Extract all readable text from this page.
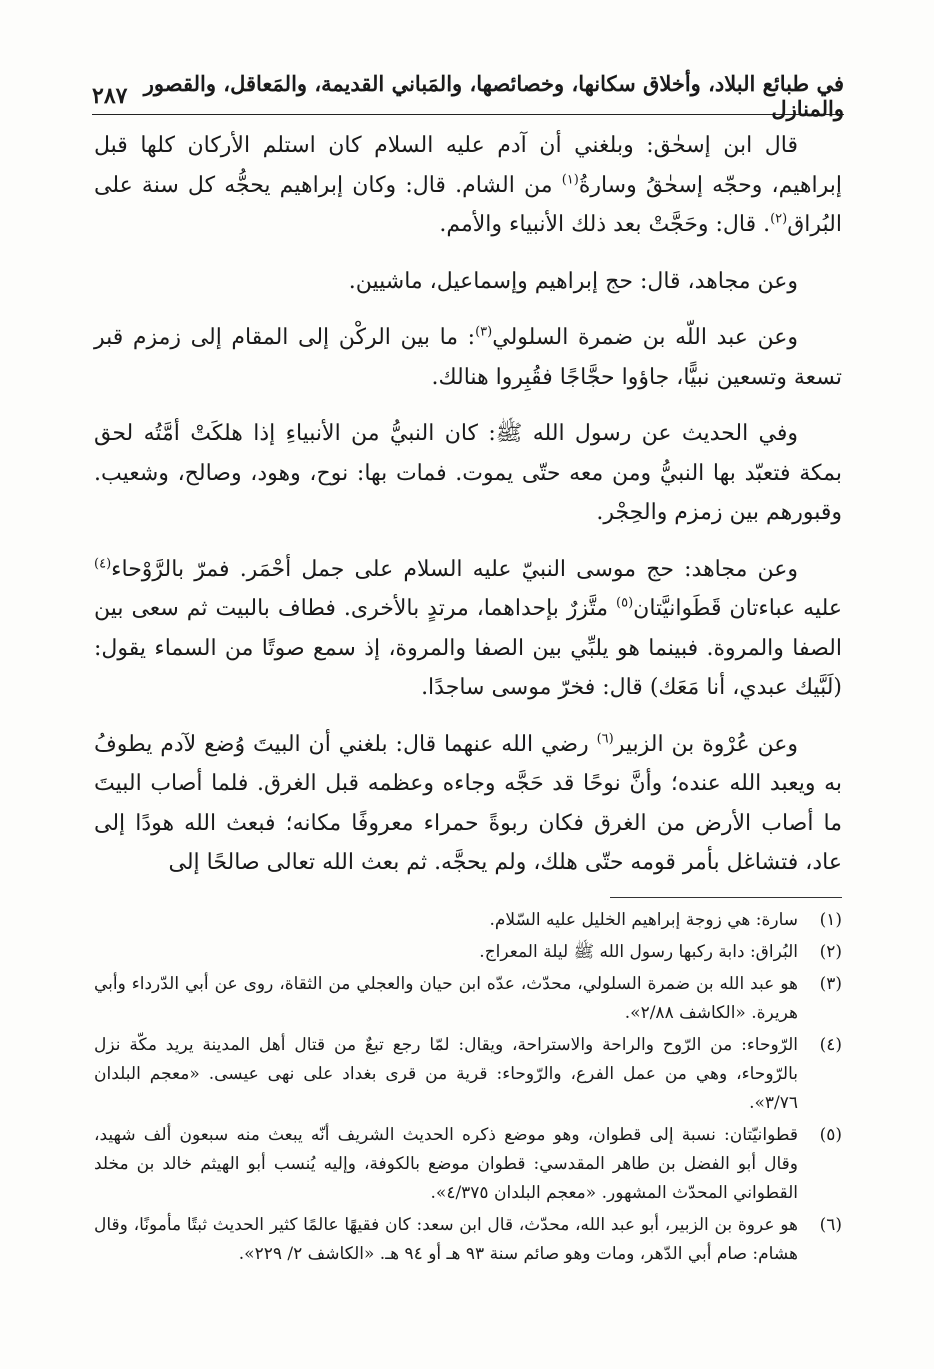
في طبائع البلاد، وأخلاق سكانها، وخصائصها، والمَباني القديمة، والمَعاقل، والقصور والمنازل
٢٨٧

قال ابن إسحٰق: وبلغني أن آدم عليه السلام كان استلم الأركان كلها قبل إبراهيم، وحجّه إسحٰقُ وسارةُ$^{(١)}$ من الشام. قال: وكان إبراهيم يحجُّه كل سنة على البُراق$^{(٢)}$. قال: وحَجَّتْ بعد ذلك الأنبياء والأمم.

وعن مجاهد، قال: حج إبراهيم وإسماعيل، ماشيين.

وعن عبد اللّه بن ضمرة السلولي$^{(٣)}$: ما بين الركْن إلى المقام إلى زمزم قبر تسعة وتسعين نبيًّا، جاؤوا حجَّاجًا فقُبِروا هنالك.

وفي الحديث عن رسول الله ﷺ: كان النبيُّ من الأنبياءِ إذا هلكَتْ أمَّتُه لحق بمكة فتعبّد بها النبيُّ ومن معه حتّى يموت. فمات بها: نوح، وهود، وصالح، وشعيب. وقبورهم بين زمزم والحِجْر.

وعن مجاهد: حج موسى النبيّ عليه السلام على جمل أحْمَر. فمرّ بالرَّوْحاء$^{(٤)}$ عليه عباءتان قَطَوانيَّتان$^{(٥)}$ متَّزرٌ بإحداهما، مرتدٍ بالأخرى. فطاف بالبيت ثم سعى بين الصفا والمروة. فبينما هو يلبِّي بين الصفا والمروة، إذ سمع صوتًا من السماء يقول: (لَبَّيك عبدي، أنا مَعَك) قال: فخرّ موسى ساجدًا.

وعن عُرْوة بن الزبير$^{(٦)}$ رضي الله عنهما قال: بلغني أن البيتَ وُضع لآدم يطوفُ به ويعبد الله عنده؛ وأنَّ نوحًا قد حَجَّه وجاءه وعظمه قبل الغرق. فلما أصاب البيتَ ما أصاب الأرض من الغرق فكان ربوةً حمراء معروفًا مكانه؛ فبعث الله هودًا إلى عاد، فتشاغل بأمر قومه حتّى هلك، ولم يحجَّه. ثم بعث الله تعالى صالحًا إلى

(١)
سارة: هي زوجة إبراهيم الخليل عليه السّلام.
(٢)
البُراق: دابة ركبها رسول الله ﷺ ليلة المعراج.
(٣)
هو عبد الله بن ضمرة السلولي، محدّث، عدّه ابن حيان والعجلي من الثقاة، روى عن أبي الدّرداء وأبي هريرة. «الكاشف ٢/٨٨».
(٤)
الرّوحاء: من الرّوح والراحة والاستراحة، ويقال: لمّا رجع تبعٌ من قتال أهل المدينة يريد مكّة نزل بالرّوحاء، وهي من عمل الفرع، والرّوحاء: قرية من قرى بغداد على نهى عيسى. «معجم البلدان ٣/٧٦».
(٥)
قطوانيّتان: نسبة إلى قطوان، وهو موضع ذكره الحديث الشريف أنّه يبعث منه سبعون ألف شهيد، وقال أبو الفضل بن طاهر المقدسي: قطوان موضع بالكوفة، وإليه يُنسب أبو الهيثم خالد بن مخلد القطواني المحدّث المشهور. «معجم البلدان ٤/٣٧٥».
(٦)
هو عروة بن الزبير، أبو عبد الله، محدّث، قال ابن سعد: كان فقيهًا عالمًا كثير الحديث ثبتًا مأمونًا، وقال هشام: صام أبي الدّهر، ومات وهو صائم سنة ٩٣ هـ أو ٩٤ هـ. «الكاشف ٢/ ٢٢٩».
